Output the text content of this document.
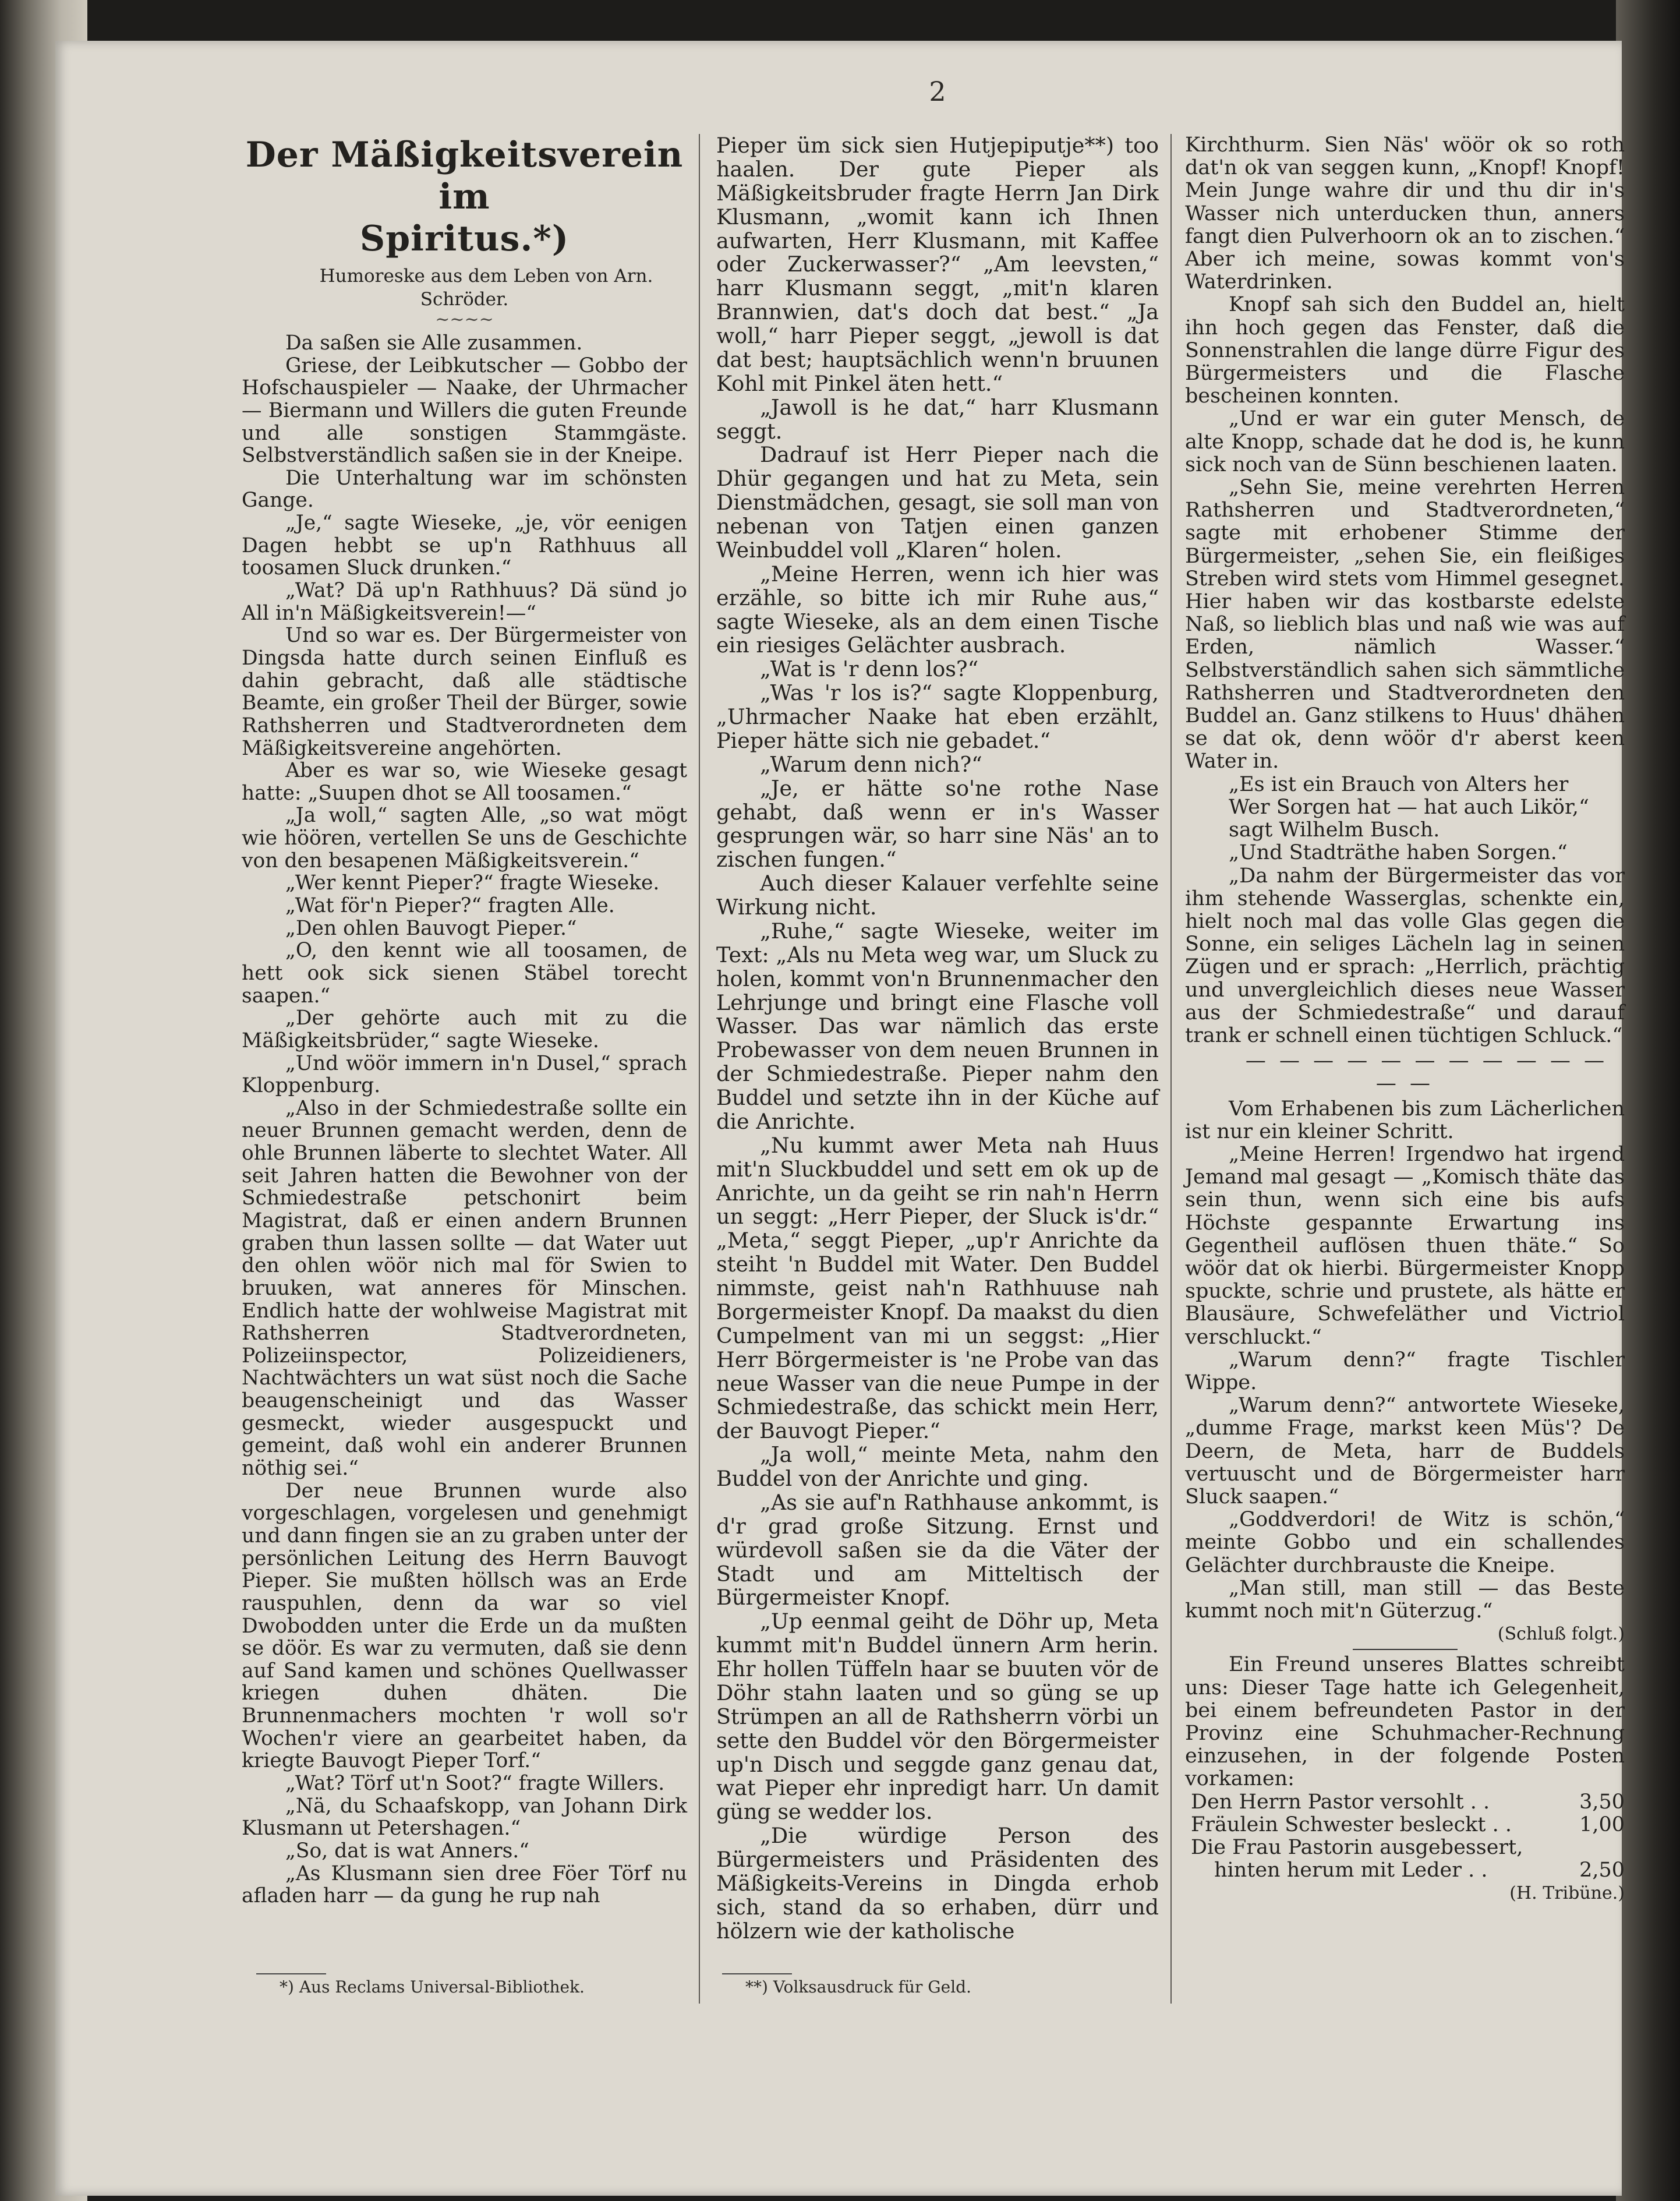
2
Der Mäßigkeitsverein im
Spiritus.*)

Humoreske aus dem Leben von Arn. Schröder.

~~~~

Da saßen sie Alle zusammen.

Griese, der Leibkutscher — Gobbo der Hofschauspieler — Naake, der Uhrmacher — Biermann und Willers die guten Freunde und alle sonstigen Stammgäste. Selbstverständlich saßen sie in der Kneipe.

Die Unterhaltung war im schönsten Gange.

„Je,“ sagte Wieseke, „je, vör eenigen Dagen hebbt se up'n Rathhuus all toosamen Sluck drunken.“

„Wat? Dä up'n Rathhuus? Dä sünd jo All in'n Mäßigkeitsverein!—“

Und so war es. Der Bürgermeister von Dingsda hatte durch seinen Einfluß es dahin gebracht, daß alle städtische Beamte, ein großer Theil der Bürger, sowie Rathsherren und Stadtverordneten dem Mäßigkeitsvereine angehörten.

Aber es war so, wie Wieseke gesagt hatte: „Suupen dhot se All toosamen.“

„Ja woll,“ sagten Alle, „so wat mögt wie höören, vertellen Se uns de Geschichte von den besapenen Mäßigkeitsverein.“

„Wer kennt Pieper?“ fragte Wieseke.

„Wat för'n Pieper?“ fragten Alle.

„Den ohlen Bauvogt Pieper.“

„O, den kennt wie all toosamen, de hett ook sick sienen Stäbel torecht saapen.“

„Der gehörte auch mit zu die Mäßigkeitsbrüder,“ sagte Wieseke.

„Und wöör immern in'n Dusel,“ sprach Kloppenburg.

„Also in der Schmiedestraße sollte ein neuer Brunnen gemacht werden, denn de ohle Brunnen läberte to slechtet Water. All seit Jahren hatten die Bewohner von der Schmiedestraße petschonirt beim Magistrat, daß er einen andern Brunnen graben thun lassen sollte — dat Water uut den ohlen wöör nich mal för Swien to bruuken, wat anneres för Minschen. Endlich hatte der wohlweise Magistrat mit Rathsherren Stadtverordneten, Polizeiinspector, Polizeidieners, Nachtwächters un wat süst noch die Sache beaugenscheinigt und das Wasser gesmeckt, wieder ausgespuckt und gemeint, daß wohl ein anderer Brunnen nöthig sei.“

Der neue Brunnen wurde also vorgeschlagen, vorgelesen und genehmigt und dann fingen sie an zu graben unter der persönlichen Leitung des Herrn Bauvogt Pieper. Sie mußten höllsch was an Erde rauspuhlen, denn da war so viel Dwobodden unter die Erde un da mußten se döör. Es war zu vermuten, daß sie denn auf Sand kamen und schönes Quellwasser kriegen duhen dhäten. Die Brunnenmachers mochten 'r woll so'r Wochen'r viere an gearbeitet haben, da kriegte Bauvogt Pieper Torf.“

„Wat? Törf ut'n Soot?“ fragte Willers.

„Nä, du Schaafskopp, van Johann Dirk Klusmann ut Petershagen.“

„So, dat is wat Anners.“

„As Klusmann sien dree Föer Törf nu afladen harr — da gung he rup nah

Pieper üm sick sien Hutjepiputje**) too haalen. Der gute Pieper als Mäßigkeitsbruder fragte Herrn Jan Dirk Klusmann, „womit kann ich Ihnen aufwarten, Herr Klusmann, mit Kaffee oder Zuckerwasser?“ „Am leevsten,“ harr Klusmann seggt, „mit'n klaren Brannwien, dat's doch dat best.“ „Ja woll,“ harr Pieper seggt, „jewoll is dat dat best; hauptsächlich wenn'n bruunen Kohl mit Pinkel äten hett.“

„Jawoll is he dat,“ harr Klusmann seggt.

Dadrauf ist Herr Pieper nach die Dhür gegangen und hat zu Meta, sein Dienstmädchen, gesagt, sie soll man von nebenan von Tatjen einen ganzen Weinbuddel voll „Klaren“ holen.

„Meine Herren, wenn ich hier was erzähle, so bitte ich mir Ruhe aus,“ sagte Wieseke, als an dem einen Tische ein riesiges Gelächter ausbrach.

„Wat is 'r denn los?“

„Was 'r los is?“ sagte Kloppenburg, „Uhrmacher Naake hat eben erzählt, Pieper hätte sich nie gebadet.“

„Warum denn nich?“

„Je, er hätte so'ne rothe Nase gehabt, daß wenn er in's Wasser gesprungen wär, so harr sine Näs' an to zischen fungen.“

Auch dieser Kalauer verfehlte seine Wirkung nicht.

„Ruhe,“ sagte Wieseke, weiter im Text: „Als nu Meta weg war, um Sluck zu holen, kommt von'n Brunnenmacher den Lehrjunge und bringt eine Flasche voll Wasser. Das war nämlich das erste Probewasser von dem neuen Brunnen in der Schmiedestraße. Pieper nahm den Buddel und setzte ihn in der Küche auf die Anrichte.

„Nu kummt awer Meta nah Huus mit'n Sluckbuddel und sett em ok up de Anrichte, un da geiht se rin nah'n Herrn un seggt: „Herr Pieper, der Sluck is'dr.“ „Meta,“ seggt Pieper, „up'r Anrichte da steiht 'n Buddel mit Water. Den Buddel nimmste, geist nah'n Rathhuuse nah Borgermeister Knopf. Da maakst du dien Cumpelment van mi un seggst: „Hier Herr Börgermeister is 'ne Probe van das neue Wasser van die neue Pumpe in der Schmiedestraße, das schickt mein Herr, der Bauvogt Pieper.“

„Ja woll,“ meinte Meta, nahm den Buddel von der Anrichte und ging.

„As sie auf'n Rathhause ankommt, is d'r grad große Sitzung. Ernst und würdevoll saßen sie da die Väter der Stadt und am Mitteltisch der Bürgermeister Knopf.

„Up eenmal geiht de Döhr up, Meta kummt mit'n Buddel ünnern Arm herin. Ehr hollen Tüffeln haar se buuten vör de Döhr stahn laaten und so güng se up Strümpen an all de Rathsherrn vörbi un sette den Buddel vör den Börgermeister up'n Disch und seggde ganz genau dat, wat Pieper ehr inpredigt harr. Un damit güng se wedder los.

„Die würdige Person des Bürgermeisters und Präsidenten des Mäßigkeits-Vereins in Dingda erhob sich, stand da so erhaben, dürr und hölzern wie der katholische

Kirchthurm. Sien Näs' wöör ok so roth dat'n ok van seggen kunn, „Knopf! Knopf! Mein Junge wahre dir und thu dir in's Wasser nich unterducken thun, anners fangt dien Pulverhoorn ok an to zischen.“ Aber ich meine, sowas kommt von's Waterdrinken.

Knopf sah sich den Buddel an, hielt ihn hoch gegen das Fenster, daß die Sonnenstrahlen die lange dürre Figur des Bürgermeisters und die Flasche bescheinen konnten.

„Und er war ein guter Mensch, de alte Knopp, schade dat he dod is, he kunn sick noch van de Sünn beschienen laaten.

„Sehn Sie, meine verehrten Herren Rathsherren und Stadtverordneten,“ sagte mit erhobener Stimme der Bürgermeister, „sehen Sie, ein fleißiges Streben wird stets vom Himmel gesegnet. Hier haben wir das kostbarste edelste Naß, so lieblich blas und naß wie was auf Erden, nämlich Wasser.“ Selbstverständlich sahen sich sämmtliche Rathsherren und Stadtverordneten den Buddel an. Ganz stilkens to Huus' dhähen se dat ok, denn wöör d'r aberst keen Water in.

„Es ist ein Brauch von Alters her

Wer Sorgen hat — hat auch Likör,“

sagt Wilhelm Busch.

„Und Stadträthe haben Sorgen.“

„Da nahm der Bürgermeister das vor ihm stehende Wasserglas, schenkte ein, hielt noch mal das volle Glas gegen die Sonne, ein seliges Lächeln lag in seinen Zügen und er sprach: „Herrlich, prächtig und unvergleichlich dieses neue Wasser aus der Schmiedestraße“ und darauf trank er schnell einen tüchtigen Schluck.“

— — — — — — — — — — — — —

Vom Erhabenen bis zum Lächerlichen ist nur ein kleiner Schritt.

„Meine Herren! Irgendwo hat irgend Jemand mal gesagt — „Komisch thäte das sein thun, wenn sich eine bis aufs Höchste gespannte Erwartung ins Gegentheil auflösen thuen thäte.“ So wöör dat ok hierbi. Bürgermeister Knopp spuckte, schrie und prustete, als hätte er Blausäure, Schwefeläther und Victriol verschluckt.“

„Warum denn?“ fragte Tischler Wippe.

„Warum denn?“ antwortete Wieseke, „dumme Frage, markst keen Müs'? De Deern, de Meta, harr de Buddels vertuuscht und de Börgermeister harr Sluck saapen.“

„Goddverdori! de Witz is schön,“ meinte Gobbo und ein schallendes Gelächter durchbrauste die Kneipe.

„Man still, man still — das Beste kummt noch mit'n Güterzug.“

(Schluß folgt.)

Ein Freund unseres Blattes schreibt uns: Dieser Tage hatte ich Gelegenheit, bei einem befreundeten Pastor in der Provinz eine Schuhmacher-Rechnung einzusehen, in der folgende Posten vorkamen:

Den Herrn Pastor versohlt . .	3,50
Fräulein Schwester besleckt . .	1,00
Die Frau Pastorin ausgebessert,
hinten herum mit Leder . .	2,50

(H. Tribüne.)

*) Aus Reclams Universal-Bibliothek.	**) Volksausdruck für Geld.
